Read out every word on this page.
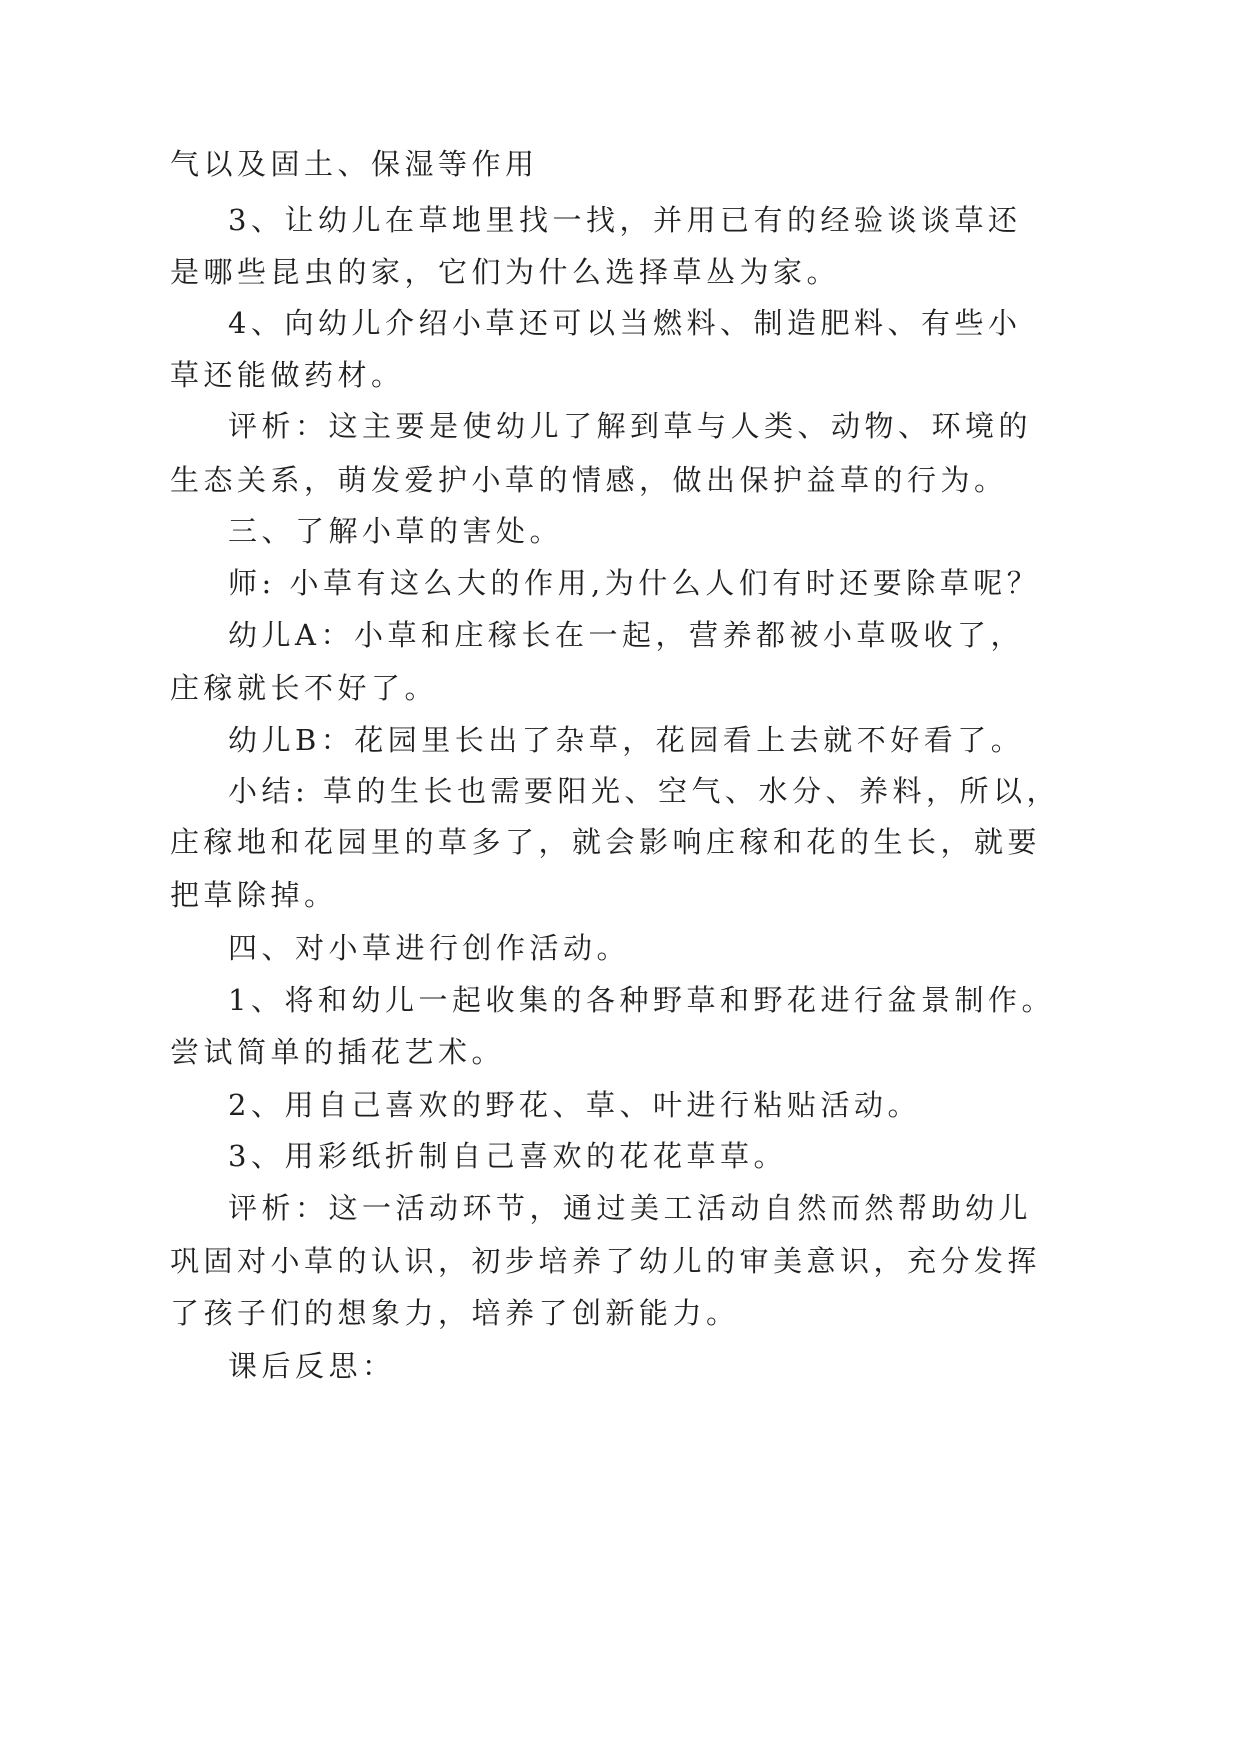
气以及固土、保湿等作用
3、让幼儿在草地里找一找，并用已有的经验谈谈草还
是哪些昆虫的家，它们为什么选择草丛为家。
4、向幼儿介绍小草还可以当燃料、制造肥料、有些小
草还能做药材。
评析：这主要是使幼儿了解到草与人类、动物、环境的
生态关系，萌发爱护小草的情感，做出保护益草的行为。
三、了解小草的害处。
师: 小草有这么大的作用,为什么人们有时还要除草呢？
幼儿A：小草和庄稼长在一起，营养都被小草吸收了，
庄稼就长不好了。
幼儿B：花园里长出了杂草，花园看上去就不好看了。
小结: 草的生长也需要阳光、空气、水分、养料，所以，
庄稼地和花园里的草多了，就会影响庄稼和花的生长，就要
把草除掉。
四、对小草进行创作活动。
1、将和幼儿一起收集的各种野草和野花进行盆景制作。
尝试简单的插花艺术。
2、用自己喜欢的野花、草、叶进行粘贴活动。
3、用彩纸折制自己喜欢的花花草草。
评析：这一活动环节，通过美工活动自然而然帮助幼儿
巩固对小草的认识，初步培养了幼儿的审美意识，充分发挥
了孩子们的想象力，培养了创新能力。
课后反思：
